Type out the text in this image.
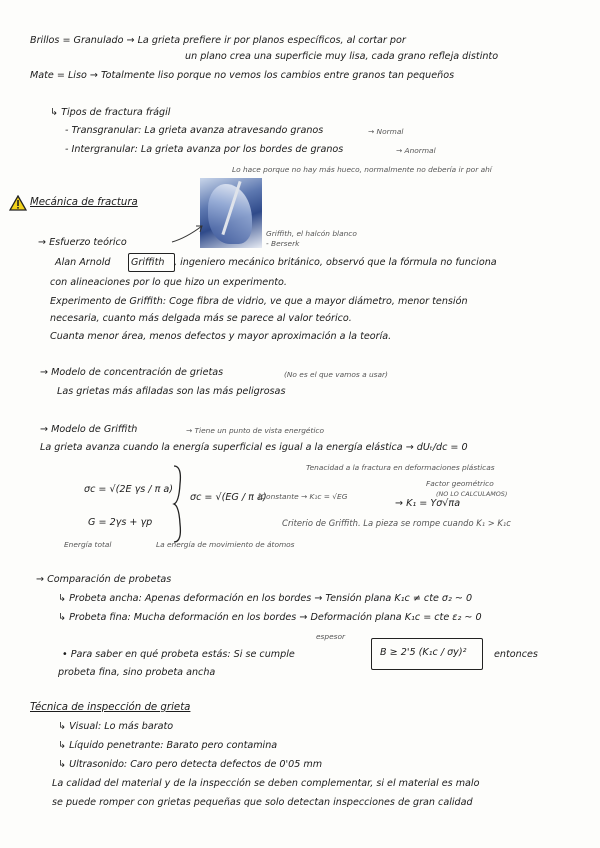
Brillos = Granulado → La grieta prefiere ir por planos específicos, al cortar por
un plano crea una superficie muy lisa, cada grano refleja distinto
Mate = Liso → Totalmente liso porque no vemos los cambios entre granos tan pequeños
↳ Tipos de fractura frágil
- Transgranular: La grieta avanza atravesando granos	→ Normal
- Intergranular: La grieta avanza por los bordes de granos	→ Anormal
Lo hace porque no hay más hueco, normalmente no debería ir por ahí
Mecánica de fractura
Griffith, el halcón blanco
- Berserk
→ Esfuerzo teórico
Alan Arnold Griffith , ingeniero mecánico británico, observó que la fórmula no funciona
con alineaciones por lo que hizo un experimento.
Experimento de Griffith: Coge fibra de vidrio, ve que a mayor diámetro, menor tensión
necesaria, cuanto más delgada más se parece al valor teórico.
Cuanta menor área, menos defectos y mayor aproximación a la teoría.
→ Modelo de concentración de grietas	(No es el que vamos a usar)
Las grietas más afiladas son las más peligrosas
→ Modelo de Griffith	→ Tiene un punto de vista energético
La grieta avanza cuando la energía superficial es igual a la energía elástica → dUₜ/dc = 0
Tenacidad a la fractura en deformaciones plásticas
σc = √(2E γs / π a)
σc = √(EG / π a)
]Constante → K₁c = √EG
Factor geométrico
(NO LO CALCULAMOS)
→ K₁ = Yσ√πa
G = 2γs + γp	Criterio de Griffith. La pieza se rompe cuando K₁ > K₁c
Energía total	La energía de movimiento de átomos
→ Comparación de probetas
↳ Probeta ancha: Apenas deformación en los bordes → Tensión plana K₁c ≠ cte σ₂ ~ 0
↳ Probeta fina: Mucha deformación en los bordes → Deformación plana K₁c = cte ε₂ ~ 0
espesor
• Para saber en qué probeta estás: Si se cumple	B ≥ 2'5 (K₁c / σy)²	entonces
probeta fina, sino probeta ancha
Técnica de inspección de grieta
↳ Visual: Lo más barato
↳ Líquido penetrante: Barato pero contamina
↳ Ultrasonido: Caro pero detecta defectos de 0'05 mm
La calidad del material y de la inspección se deben complementar, si el material es malo
se puede romper con grietas pequeñas que solo detectan inspecciones de gran calidad
